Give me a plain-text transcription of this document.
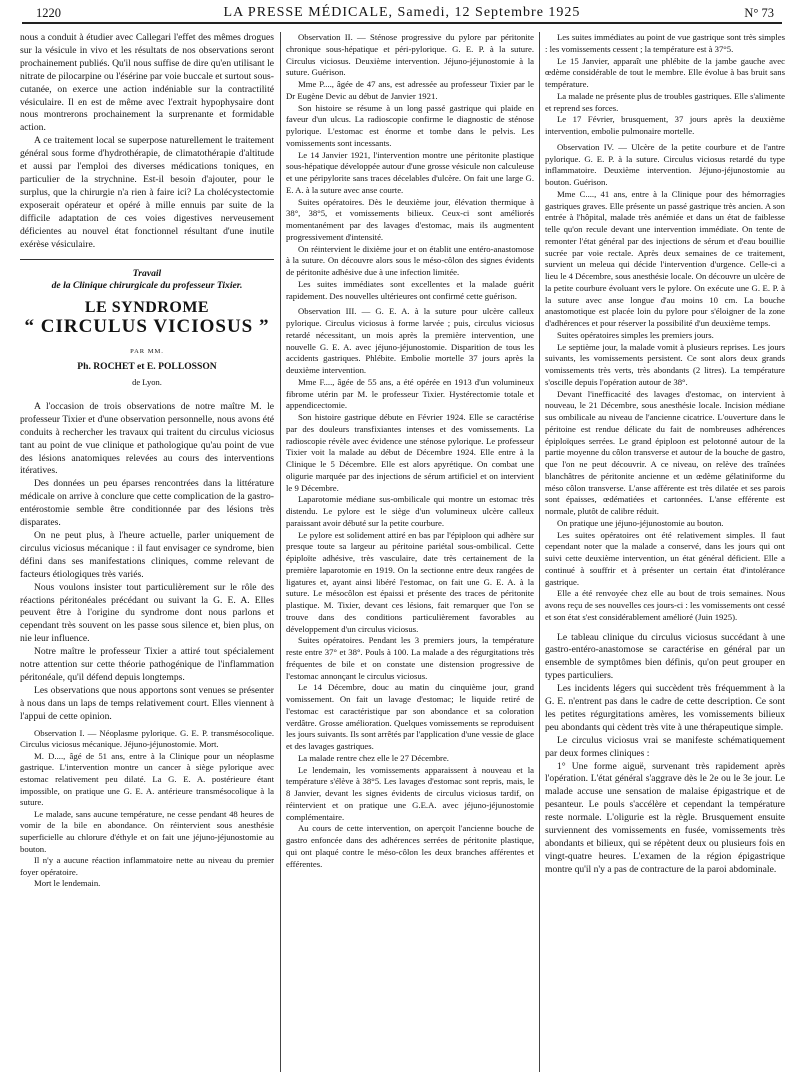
1220	LA PRESSE MÉDICALE, Samedi, 12 Septembre 1925	N° 73

nous a conduit à étudier avec Callegari l'effet des mêmes drogues sur la vésicule in vivo et les résultats de nos observations seront prochainement publiés. Qu'il nous suffise de dire qu'en utilisant le nitrate de pilocarpine ou l'ésérine par voie buccale et surtout sous-cutanée, on exerce une action indéniable sur la contractilité vésiculaire. Il en est de même avec l'extrait hypophysaire dont nous montrerons prochainement la surprenante et formidable action.

A ce traitement local se superpose naturellement le traitement général sous forme d'hydrothérapie, de climatothérapie d'altitude et aussi par l'emploi des diverses médications toniques, en particulier de la strychnine. Est-il besoin d'ajouter, pour le surplus, que la chirurgie n'a rien à faire ici? La cholécystectomie exposerait opérateur et opéré à mille ennuis par suite de la difficile adaptation de ces voies digestives nerveusement déficientes au nouvel état fonctionnel résultant d'une inutile exérèse vésiculaire.

Travail
de la Clinique chirurgicale du professeur Tixier.
LE SYNDROME
“ CIRCULUS VICIOSUS ”
PAR MM.
Ph. ROCHET et E. POLLOSSON
de Lyon.

A l'occasion de trois observations de notre maître M. le professeur Tixier et d'une observation personnelle, nous avons été conduits à rechercher les travaux qui traitent du circulus viciosus tant au point de vue clinique et pathologique qu'au point de vue des lésions anatomiques relevées au cours des interventions itératives.

Des données un peu éparses rencontrées dans la littérature médicale on arrive à conclure que cette complication de la gastro-entérostomie semble être conditionnée par des lésions très disparates.

On ne peut plus, à l'heure actuelle, parler uniquement de circulus viciosus mécanique : il faut envisager ce syndrome, bien défini dans ses manifestations cliniques, comme relevant de facteurs étiologiques très variés.

Nous voulons insister tout particulièrement sur le rôle des réactions péritonéales précédant ou suivant la G. E. A. Elles peuvent être à l'origine du syndrome dont nous parlons et cependant très souvent on les passe sous silence et, bien plus, on nie leur influence.

Notre maître le professeur Tixier a attiré tout spécialement notre attention sur cette théorie pathogénique de l'inflammation péritonéale, qu'il défend depuis longtemps.

Les observations que nous apportons sont venues se présenter à nous dans un laps de temps relativement court. Elles viennent à l'appui de cette opinion.

Observation I. — Néoplasme pylorique. G. E. P. transmésocolique. Circulus viciosus mécanique. Jéjuno-jéjunostomie. Mort.

M. D...., âgé de 51 ans, entre à la Clinique pour un néoplasme gastrique. L'intervention montre un cancer à siège pylorique avec estomac relativement peu dilaté. La G. E. A. postérieure étant impossible, on pratique une G. E. A. antérieure transmésocolique à la suture.

Le malade, sans aucune température, ne cesse pendant 48 heures de vomir de la bile en abondance. On réintervient sous anesthésie superficielle au chlorure d'éthyle et on fait une jéjuno-jéjunostomie au bouton.

Il n'y a aucune réaction inflammatoire nette au niveau du premier foyer opératoire.

Mort le lendemain.

Observation II. — Sténose progressive du pylore par péritonite chronique sous-hépatique et péri-pylorique. G. E. P. à la suture. Circulus viciosus. Deuxième intervention. Jéjuno-jéjunostomie à la suture. Guérison.

Mme P...., âgée de 47 ans, est adressée au professeur Tixier par le Dr Eugène Devic au début de Janvier 1921.

Son histoire se résume à un long passé gastrique qui plaide en faveur d'un ulcus. La radioscopie confirme le diagnostic de sténose pylorique. L'estomac est énorme et tombe dans le pelvis. Les vomissements sont incessants.

Le 14 Janvier 1921, l'intervention montre une péritonite plastique sous-hépatique développée autour d'une grosse vésicule non calculeuse et une péripylorite sans traces décelables d'ulcère. On fait une large G. E. A. à la suture avec anse courte.

Suites opératoires. Dès le deuxième jour, élévation thermique à 38°, 38°5, et vomissements bilieux. Ceux-ci sont améliorés momentanément par des lavages d'estomac, mais ils augmentent progressivement d'intensité.

On réintervient le dixième jour et on établit une entéro-anastomose à la suture. On découvre alors sous le méso-côlon des signes évidents de péritonite adhésive due à une infection limitée.

Les suites immédiates sont excellentes et la malade guérit rapidement. Des nouvelles ultérieures ont confirmé cette guérison.

Observation III. — G. E. A. à la suture pour ulcère calleux pylorique. Circulus viciosus à forme larvée ; puis, circulus viciosus retardé nécessitant, un mois après la première intervention, une nouvelle G. E. A. avec jéjuno-jéjunostomie. Disparition de tous les accidents gastriques. Phlébite. Embolie mortelle 37 jours après la deuxième intervention.

Mme F...., âgée de 55 ans, a été opérée en 1913 d'un volumineux fibrome utérin par M. le professeur Tixier. Hystérectomie totale et appendicectomie.

Son histoire gastrique débute en Février 1924. Elle se caractérise par des douleurs transfixiantes intenses et des vomissements. La radioscopie révèle avec évidence une sténose pylorique. Le professeur Tixier voit la malade au début de Décembre 1924. Elle entre à la Clinique le 5 Décembre. Elle est alors apyrétique. On combat une oligurie marquée par des injections de sérum artificiel et on intervient le 9 Décembre.

Laparotomie médiane sus-ombilicale qui montre un estomac très distendu. Le pylore est le siège d'un volumineux ulcère calleux paraissant avoir débuté sur la petite courbure.

Le pylore est solidement attiré en bas par l'épiploon qui adhère sur presque toute sa largeur au péritoine pariétal sous-ombilical. Cette épiploïte adhésive, très vasculaire, date très certainement de la première laparotomie en 1919. On la sectionne entre deux rangées de ligatures et, ayant ainsi libéré l'estomac, on fait une G. E. A. à la suture. Le mésocôlon est épaissi et présente des traces de péritonite plastique. M. Tixier, devant ces lésions, fait remarquer que l'on se trouve dans des conditions particulièrement favorables au développement d'un circulus viciosus.

Suites opératoires. Pendant les 3 premiers jours, la température reste entre 37° et 38°. Pouls à 100. La malade a des régurgitations très fréquentes de bile et on constate une distension progressive de l'estomac annonçant le circulus viciosus.

Le 14 Décembre, douc au matin du cinquième jour, grand vomissement. On fait un lavage d'estomac; le liquide retiré de l'estomac est caractéristique par son abondance et sa coloration verdâtre. Grosse amélioration. Quelques vomissements se reproduisent les jours suivants. Ils sont arrêtés par l'application d'une vessie de glace et des lavages gastriques.

La malade rentre chez elle le 27 Décembre.

Le lendemain, les vomissements apparaissent à nouveau et la température s'élève à 38°5. Les lavages d'estomac sont repris, mais, le 8 Janvier, devant les signes évidents de circulus viciosus tardif, on réintervient et on pratique une G.E.A. avec jéjuno-jéjunostomie complémentaire.

Au cours de cette intervention, on aperçoit l'ancienne bouche de gastro enfoncée dans des adhérences serrées de péritonite plastique, qui ont plaqué contre le méso-côlon les deux branches afférentes et efférentes.

Les suites immédiates au point de vue gastrique sont très simples : les vomissements cessent ; la température est à 37°5.

Le 15 Janvier, apparaît une phlébite de la jambe gauche avec œdème considérable de tout le membre. Elle évolue à bas bruit sans température.

La malade ne présente plus de troubles gastriques. Elle s'alimente et reprend ses forces.

Le 17 Février, brusquement, 37 jours après la deuxième intervention, embolie pulmonaire mortelle.

Observation IV. — Ulcère de la petite courbure et de l'antre pylorique. G. E. P. à la suture. Circulus viciosus retardé du type inflammatoire. Deuxième intervention. Jéjuno-jéjunostomie au bouton. Guérison.

Mme C...., 41 ans, entre à la Clinique pour des hémorragies gastriques graves. Elle présente un passé gastrique très ancien. A son entrée à l'hôpital, malade très anémiée et dans un état de faiblesse telle qu'on recule devant une intervention immédiate. On tente de remonter l'état général par des injections de sérum et d'eau bouillie sucrée par voie rectale. Après deux semaines de ce traitement, survient un meleua qui décide l'intervention d'urgence. Celle-ci a lieu le 4 Décembre, sous anesthésie locale. On découvre un ulcère de la petite courbure évoluant vers le pylore. On exécute une G. E. P. à la suture avec anse longue d'au moins 10 cm. La bouche anastomotique est placée loin du pylore pour s'éloigner de la zone d'adhérences et pour réserver la possibilité d'un deuxième temps.

Suites opératoires simples les premiers jours.

Le septième jour, la malade vomit à plusieurs reprises. Les jours suivants, les vomissements persistent. Ce sont alors deux grands vomissements très verts, très abondants (2 litres). La température s'oscille depuis l'opération autour de 38°.

Devant l'inefficacité des lavages d'estomac, on intervient à nouveau, le 21 Décembre, sous anesthésie locale. Incision médiane sus ombilicale au niveau de l'ancienne cicatrice. L'ouverture dans le péritoine est rendue délicate du fait de nombreuses adhérences épiploïques serrées. Le grand épiploon est pelotonné autour de la partie moyenne du côlon transverse et autour de la bouche de gastro, que l'on ne peut découvrir. A ce niveau, on relève des traînées blanchâtres de péritonite ancienne et un œdème gélatiniforme du méso côlon transverse. L'anse afférente est très dilatée et ses parois sont épaisses, œdématiées et cartonnées. L'anse efférente est normale, plutôt de calibre réduit.

On pratique une jéjuno-jéjunostomie au bouton.

Les suites opératoires ont été relativement simples. Il faut cependant noter que la malade a conservé, dans les jours qui ont suivi cette deuxième intervention, un état général déficient. Elle a continué à souffrir et à présenter un certain état d'intolérance gastrique.

Elle a été renvoyée chez elle au bout de trois semaines. Nous avons reçu de ses nouvelles ces jours-ci : les vomissements ont cessé et son état s'est considérablement amélioré (Juin 1925).

Le tableau clinique du circulus viciosus succédant à une gastro-entéro-anastomose se caractérise en général par un ensemble de symptômes bien définis, qu'on peut grouper en types particuliers.

Les incidents légers qui succèdent très fréquemment à la G. E. n'entrent pas dans le cadre de cette description. Ce sont les petites régurgitations amères, les vomissements bilieux peu abondants qui cèdent très vite à une thérapeutique simple.

Le circulus viciosus vrai se manifeste schématiquement par deux formes cliniques :

1° Une forme aiguë, survenant très rapidement après l'opération. L'état général s'aggrave dès le 2e ou le 3e jour. Le malade accuse une sensation de malaise épigastrique et de pesanteur. Le pouls s'accélère et cependant la température reste normale. L'oligurie est la règle. Brusquement ensuite surviennent des vomissements en fusée, vomissements très abondants et bilieux, qui se répètent deux ou plusieurs fois en vingt-quatre heures. L'examen de la région épigastrique montre qu'il n'y a pas de contracture de la paroi abdominale.
